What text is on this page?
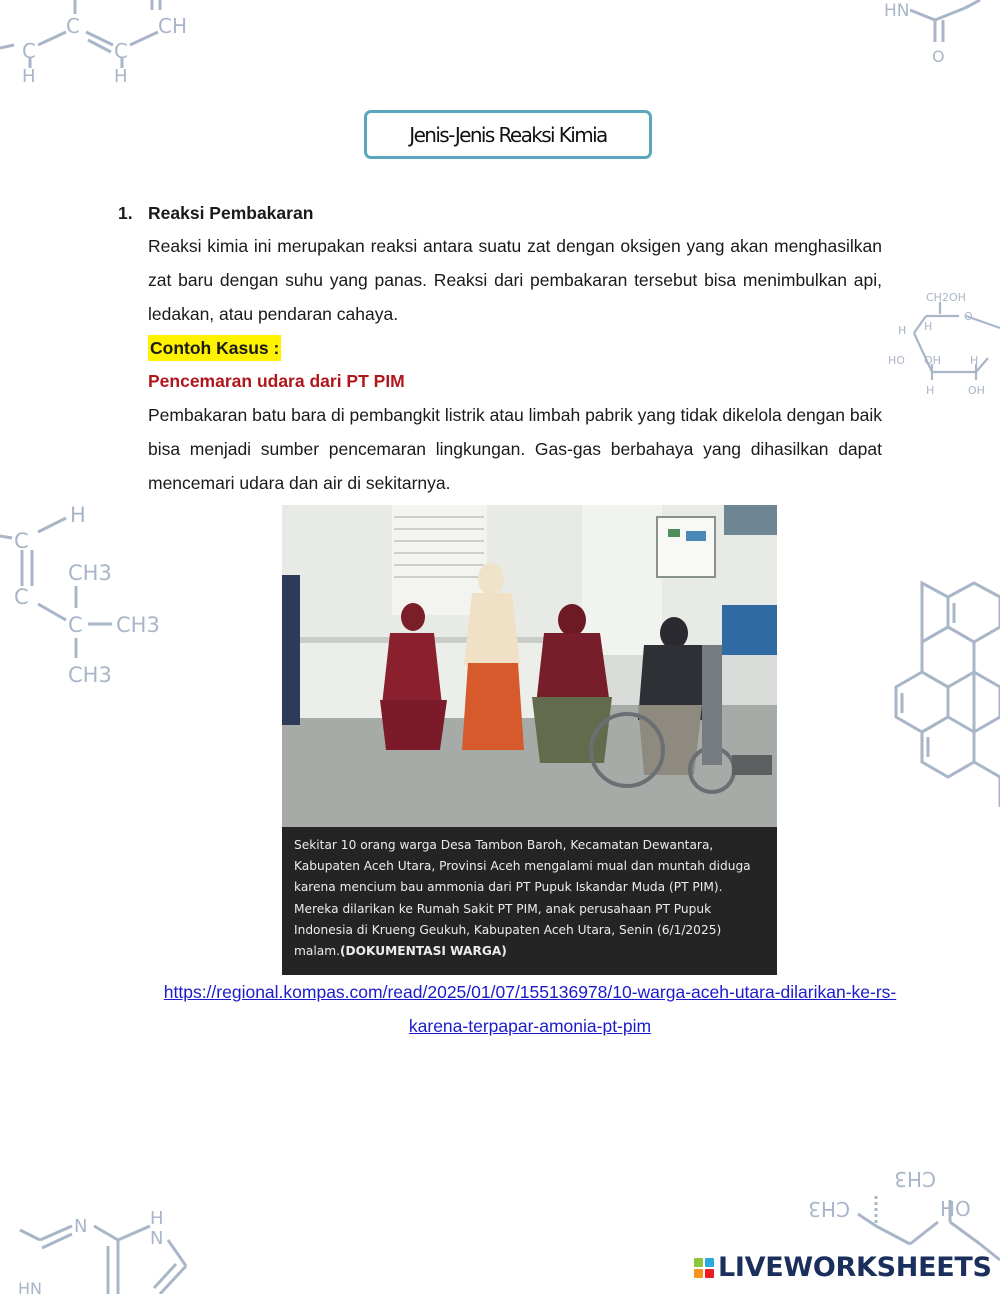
C	CH
C	C
H	H
HN
O
CH2OH
O
H H
HO OH	H
H	OH
H
C
C
CH3
C CH3
CH3
N	H
N
HN
CH3
CH3	HO
Jenis-Jenis Reaksi Kimia
1. Reaksi Pembakaran
Reaksi kimia ini merupakan reaksi antara suatu zat dengan oksigen yang akan menghasilkan zat baru dengan suhu yang panas. Reaksi dari pembakaran tersebut bisa menimbulkan api, ledakan, atau pendaran cahaya.
Contoh Kasus :
Pencemaran udara dari PT PIM
Pembakaran batu bara di pembangkit listrik atau limbah pabrik yang tidak dikelola dengan baik bisa menjadi sumber pencemaran lingkungan. Gas-gas berbahaya yang dihasilkan dapat mencemari udara dan air di sekitarnya.
Sekitar 10 orang warga Desa Tambon Baroh, Kecamatan Dewantara, Kabupaten Aceh Utara, Provinsi Aceh mengalami mual dan muntah diduga karena mencium bau ammonia dari PT Pupuk Iskandar Muda (PT PIM). Mereka dilarikan ke Rumah Sakit PT PIM, anak perusahaan PT Pupuk Indonesia di Krueng Geukuh, Kabupaten Aceh Utara, Senin (6/1/2025) malam.(DOKUMENTASI WARGA)
https://regional.kompas.com/read/2025/01/07/155136978/10-warga-aceh-utara-dilarikan-ke-rs-karena-terpapar-amonia-pt-pim
LIVEWORKSHEETS
